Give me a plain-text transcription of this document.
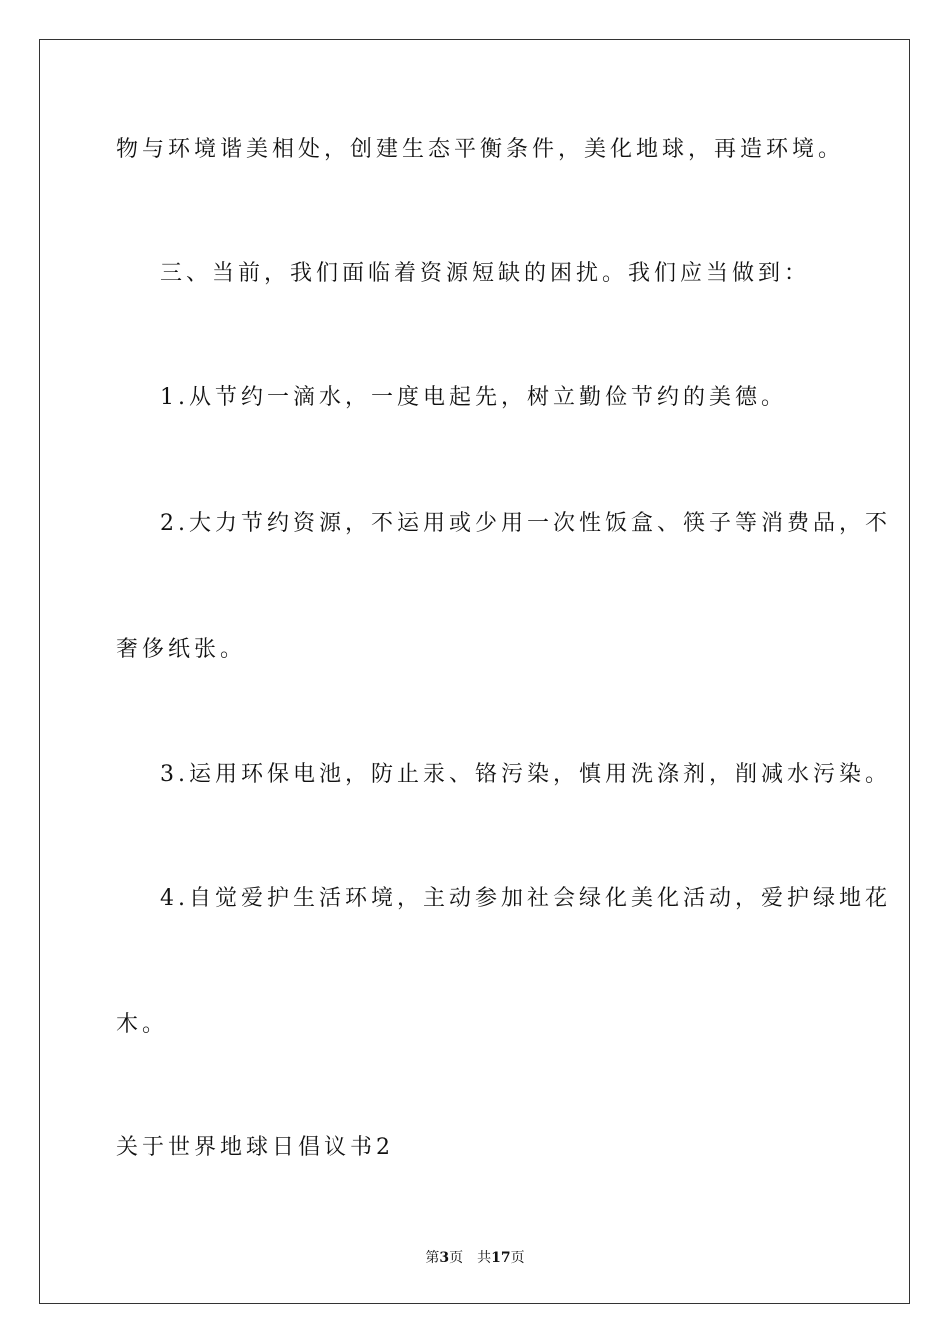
物与环境谐美相处，创建生态平衡条件，美化地球，再造环境。
三、当前，我们面临着资源短缺的困扰。我们应当做到：
1.从节约一滴水，一度电起先，树立勤俭节约的美德。
2.大力节约资源，不运用或少用一次性饭盒、筷子等消费品，不
奢侈纸张。
3.运用环保电池，防止汞、铬污染，慎用洗涤剂，削减水污染。
4.自觉爱护生活环境，主动参加社会绿化美化活动，爱护绿地花
木。
关于世界地球日倡议书2
第3页 共17页
